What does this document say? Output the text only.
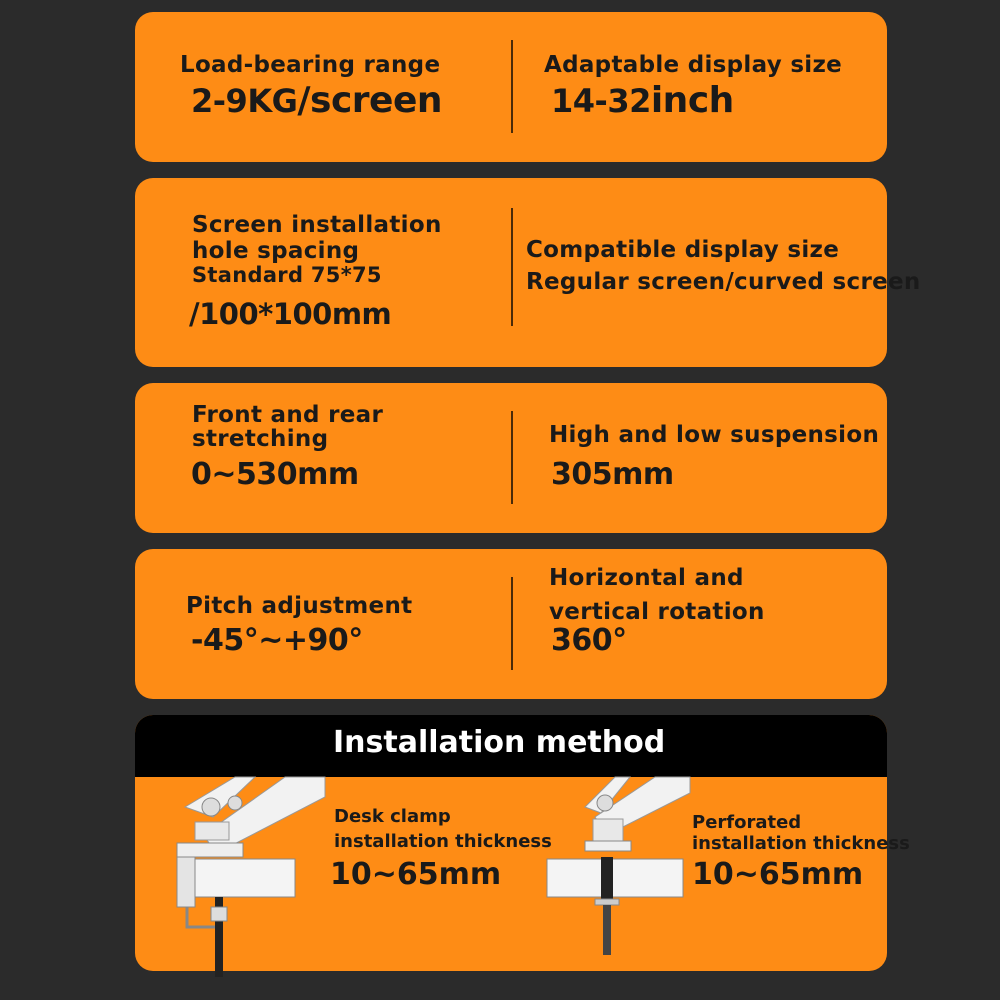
Load-bearing range
2-9KG/screen
Adaptable display size
14-32inch
Screen installation
hole spacing
Standard 75*75
/100*100mm
Compatible display size
Regular screen/curved screen
Front and rear
stretching
0~530mm
High and low suspension
305mm
Pitch adjustment
-45°~+90°
Horizontal and
vertical rotation
360°
Installation method
Desk clamp
installation thickness
10~65mm
Perforated
installation thickness
10~65mm
